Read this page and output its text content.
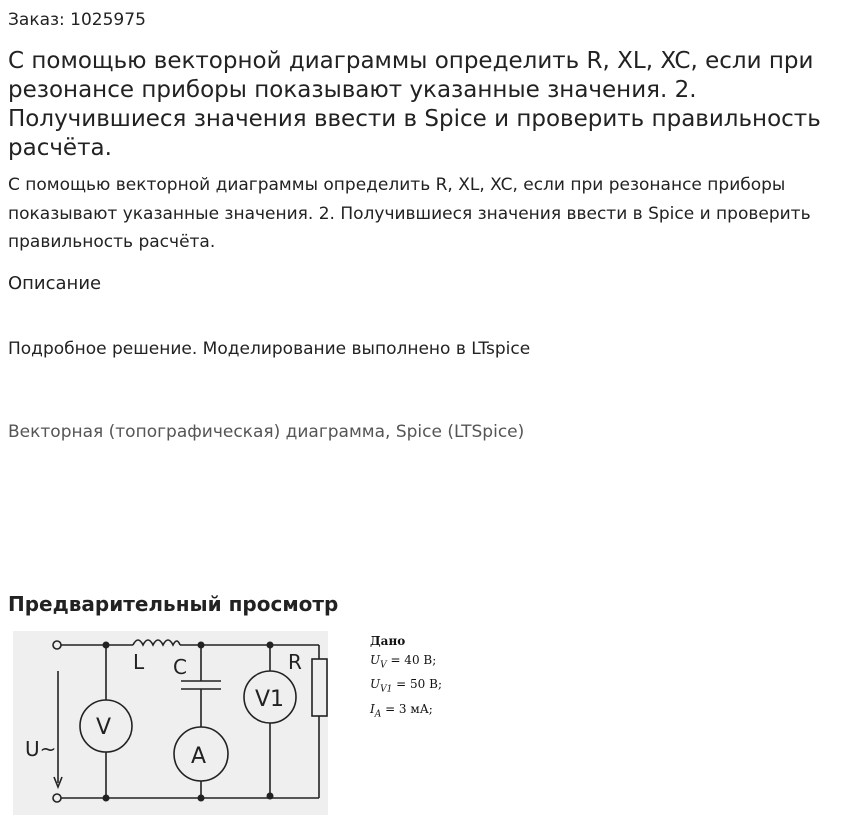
Заказ: 1025975
С помощью векторной диаграммы определить R, XL, XC, если при резонансе приборы показывают указанные значения. 2. Получившиеся значения ввести в Spice и проверить правильность расчёта.
С помощью векторной диаграммы определить R, XL, XC, если при резонансе приборы показывают указанные значения. 2. Получившиеся значения ввести в Spice и проверить правильность расчёта.
Описание
Подробное решение. Моделирование выполнено в LTspice
Векторная (топографическая) диаграмма, Spice (LTSpice)
Предварительный просмотр
L C	R
V
V1
A
U~
Дано
$U_V = 40$ В;
$U_{V1} = 50$ В;
$I_A = 3$ мА;
